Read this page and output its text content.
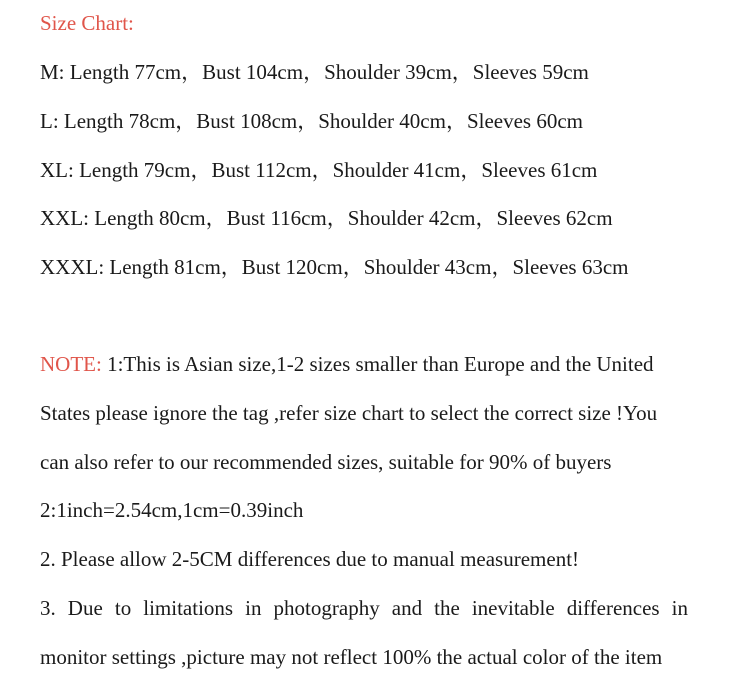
Size Chart:
M: Length 77cm，Bust 104cm，Shoulder 39cm，Sleeves 59cm
L: Length 78cm，Bust 108cm，Shoulder 40cm，Sleeves 60cm
XL: Length 79cm，Bust 112cm，Shoulder 41cm，Sleeves 61cm
XXL: Length 80cm，Bust 116cm，Shoulder 42cm，Sleeves 62cm
XXXL: Length 81cm，Bust 120cm，Shoulder 43cm，Sleeves 63cm
NOTE: 1:This is Asian size,1-2 sizes smaller than Europe and the United
States please ignore the tag ,refer size chart to select the correct size !You
can also refer to our recommended sizes, suitable for 90% of buyers
2:1inch=2.54cm,1cm=0.39inch
2. Please allow 2-5CM differences due to manual measurement!
3. Due to limitations in photography and the inevitable differences in
monitor settings ,picture may not reflect 100% the actual color of the item
